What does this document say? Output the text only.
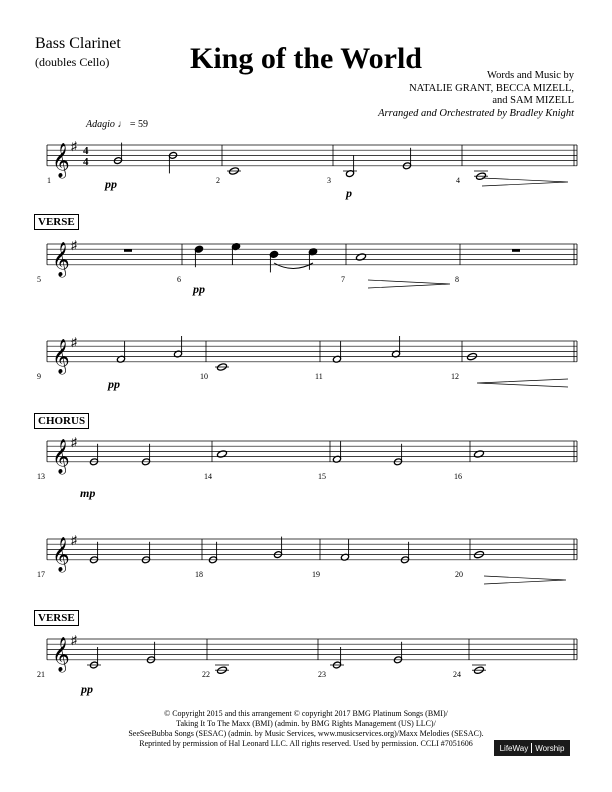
Bass Clarinet
(doubles Cello)	King of the World
Words and Music by
NATALIE GRANT, BECCA MIZELL,
and SAM MIZELL
Arranged and Orchestrated by Bradley Knight
Adagio ♩ = 59
VERSE
CHORUS
VERSE
𝄞 ♯ 4
4
1	2	3	4
pp
p
𝄞 ♯
5	6	7	8
pp
𝄞 ♯
9	10	11	12
pp
𝄞 ♯
13	14	15	16
mp
𝄞 ♯
17	18	19	20
𝄞 ♯
21	22	23	24
pp
© Copyright 2015 and this arrangement © copyright 2017 BMG Platinum Songs (BMI)/
Taking It To The Maxx (BMI) (admin. by BMG Rights Management (US) LLC)/
SeeSeeBubba Songs (SESAC) (admin. by Music Services, www.musicservices.org)/Maxx Melodies (SESAC).
Reprinted by permission of Hal Leonard LLC. All rights reserved. Used by permission. CCLI #7051606	LifeWay Worship
